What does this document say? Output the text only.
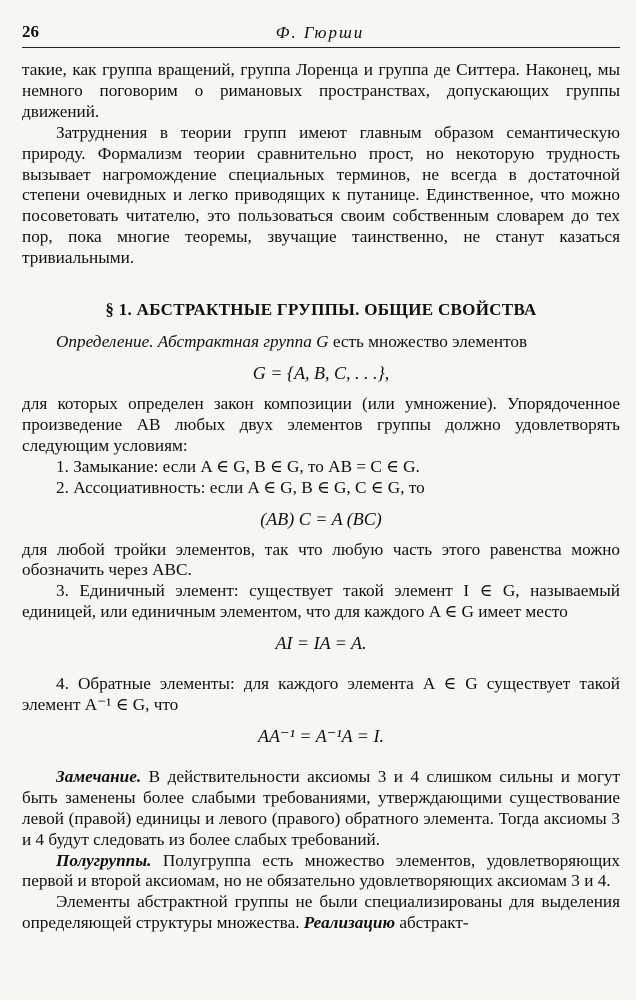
26	Ф. Гюрши

такие, как группа вращений, группа Лоренца и группа де Ситтера. Наконец, мы немного поговорим о римановых пространствах, допускающих группы движений.

Затруднения в теории групп имеют главным образом семантическую природу. Формализм теории сравнительно прост, но некоторую трудность вызывает нагромождение специальных терминов, не всегда в достаточной степени очевидных и легко приводящих к путанице. Единственное, что можно посоветовать читателю, это пользоваться своим собственным словарем до тех пор, пока многие теоремы, звучащие таинственно, не станут казаться тривиальными.

§ 1. АБСТРАКТНЫЕ ГРУППЫ. ОБЩИЕ СВОЙСТВА

Определение. Абстрактная группа G есть множество элементов

G = {A, B, C, . . .},

для которых определен закон композиции (или умножение). Упорядоченное произведение AB любых двух элементов группы должно удовлетворять следующим условиям:

1. Замыкание: если A ∈ G, B ∈ G, то AB = C ∈ G.

2. Ассоциативность: если A ∈ G, B ∈ G, C ∈ G, то

(AB) C = A (BC)

для любой тройки элементов, так что любую часть этого равенства можно обозначить через ABC.

3. Единичный элемент: существует такой элемент I ∈ G, называемый единицей, или единичным элементом, что для каждого A ∈ G имеет место

AI = IA = A.

4. Обратные элементы: для каждого элемента A ∈ G существует такой элемент A⁻¹ ∈ G, что

AA⁻¹ = A⁻¹A = I.

Замечание. В действительности аксиомы 3 и 4 слишком сильны и могут быть заменены более слабыми требованиями, утверждающими существование левой (правой) единицы и левого (правого) обратного элемента. Тогда аксиомы 3 и 4 будут следовать из более слабых требований.

Полугруппы. Полугруппа есть множество элементов, удовлетворяющих первой и второй аксиомам, но не обязательно удовлетворяющих аксиомам 3 и 4.

Элементы абстрактной группы не были специализированы для выделения определяющей структуры множества. Реализацию абстракт-
